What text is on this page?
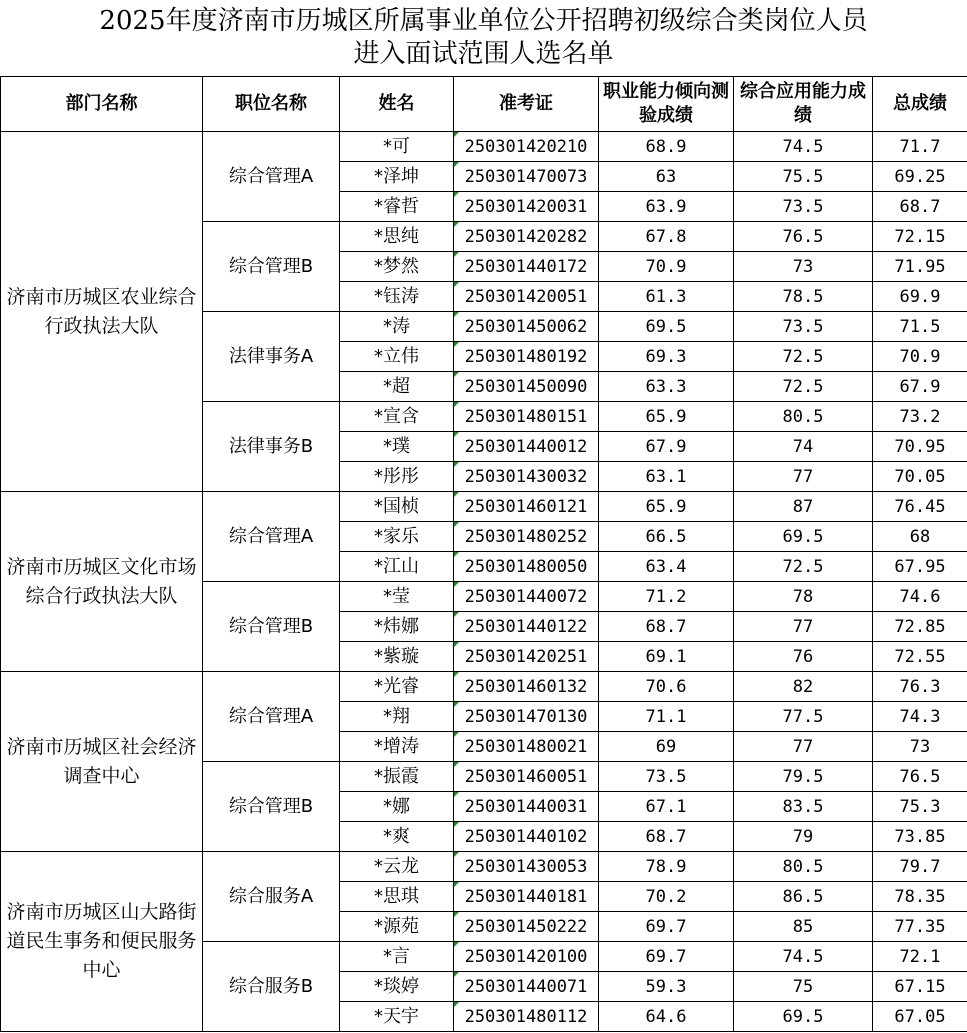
2025年度济南市历城区所属事业单位公开招聘初级综合类岗位人员
进入面试范围人选名单
部门名称	职位名称	姓名	准考证	职业能力倾向测验成绩	综合应用能力成绩	总成绩
济南市历城区农业综合行政执法大队	综合管理A	*可	250301420210	68.9	74.5	71.7
		*泽坤	250301470073	63	75.5	69.25
		*睿哲	250301420031	63.9	73.5	68.7
	综合管理B	*思纯	250301420282	67.8	76.5	72.15
		*梦然	250301440172	70.9	73	71.95
		*钰涛	250301420051	61.3	78.5	69.9
	法律事务A	*涛	250301450062	69.5	73.5	71.5
		*立伟	250301480192	69.3	72.5	70.9
		*超	250301450090	63.3	72.5	67.9
	法律事务B	*宣含	250301480151	65.9	80.5	73.2
		*璞	250301440012	67.9	74	70.95
		*彤彤	250301430032	63.1	77	70.05
济南市历城区文化市场综合行政执法大队	综合管理A	*国桢	250301460121	65.9	87	76.45
		*家乐	250301480252	66.5	69.5	68
		*江山	250301480050	63.4	72.5	67.95
	综合管理B	*莹	250301440072	71.2	78	74.6
		*炜娜	250301440122	68.7	77	72.85
		*紫璇	250301420251	69.1	76	72.55
济南市历城区社会经济调查中心	综合管理A	*光睿	250301460132	70.6	82	76.3
		*翔	250301470130	71.1	77.5	74.3
		*增涛	250301480021	69	77	73
	综合管理B	*振霞	250301460051	73.5	79.5	76.5
		*娜	250301440031	67.1	83.5	75.3
		*爽	250301440102	68.7	79	73.85
济南市历城区山大路街道民生事务和便民服务中心	综合服务A	*云龙	250301430053	78.9	80.5	79.7
		*思琪	250301440181	70.2	86.5	78.35
		*源苑	250301450222	69.7	85	77.35
	综合服务B	*言	250301420100	69.7	74.5	72.1
		*琰婷	250301440071	59.3	75	67.15
		*天宇	250301480112	64.6	69.5	67.05
